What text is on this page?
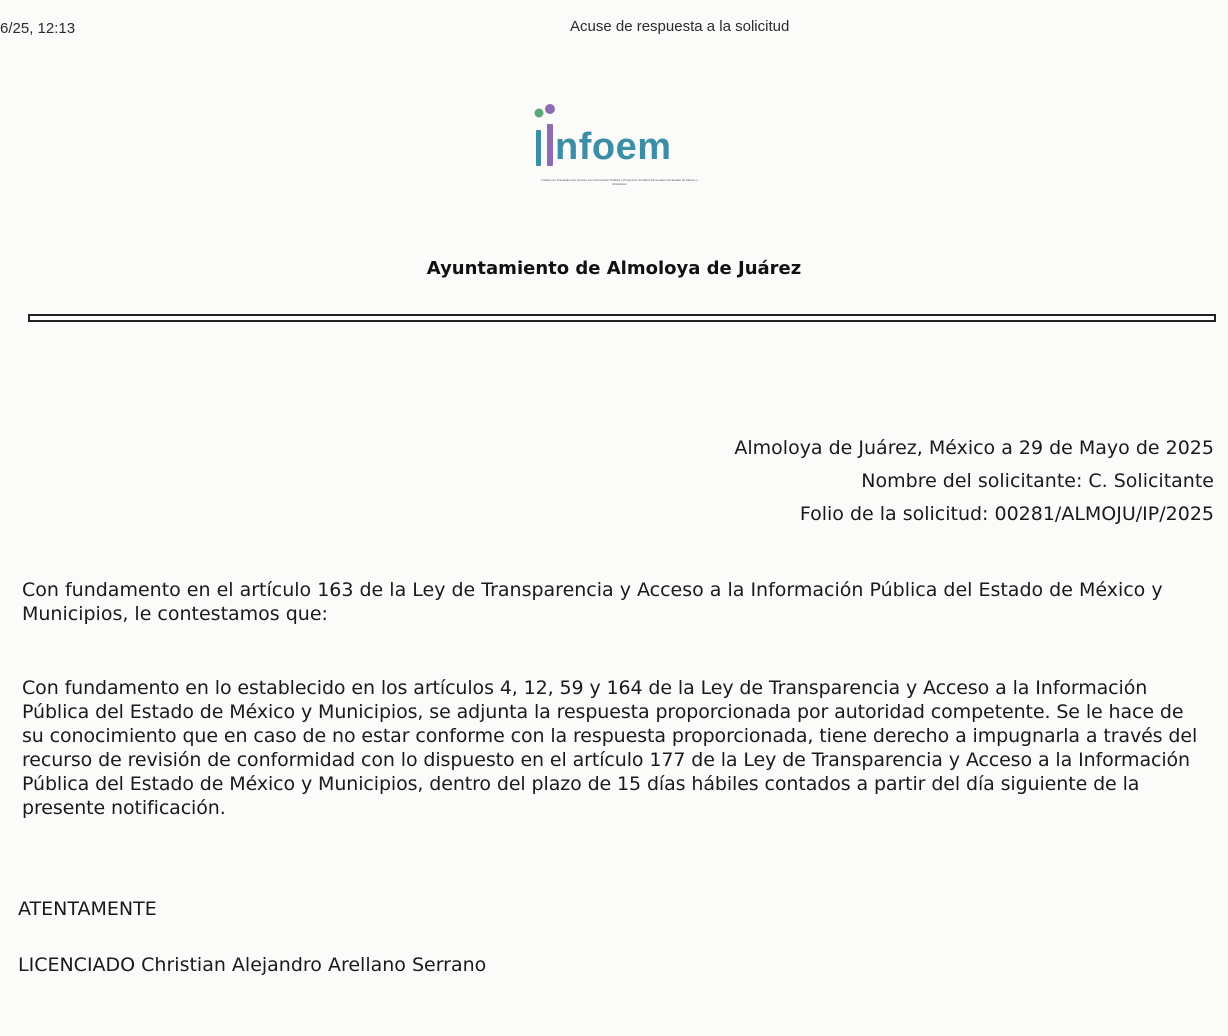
6/25, 12:13	Acuse de respuesta a la solicitud
nfoem
Instituto de Transparencia, Acceso a la Información Pública y Protección de Datos Personales del Estado de México y Municipios
Ayuntamiento de Almoloya de Juárez
Almoloya de Juárez, México a 29 de Mayo de 2025
Nombre del solicitante: C. Solicitante
Folio de la solicitud: 00281/ALMOJU/IP/2025
Con fundamento en el artículo 163 de la Ley de Transparencia y Acceso a la Información Pública del Estado de México y Municipios, le contestamos que:
Con fundamento en lo establecido en los artículos 4, 12, 59 y 164 de la Ley de Transparencia y Acceso a la Información Pública del Estado de México y Municipios, se adjunta la respuesta proporcionada por autoridad competente. Se le hace de su conocimiento que en caso de no estar conforme con la respuesta proporcionada, tiene derecho a impugnarla a través del recurso de revisión de conformidad con lo dispuesto en el artículo 177 de la Ley de Transparencia y Acceso a la Información Pública del Estado de México y Municipios, dentro del plazo de 15 días hábiles contados a partir del día siguiente de la presente notificación.
ATENTAMENTE
LICENCIADO Christian Alejandro Arellano Serrano
